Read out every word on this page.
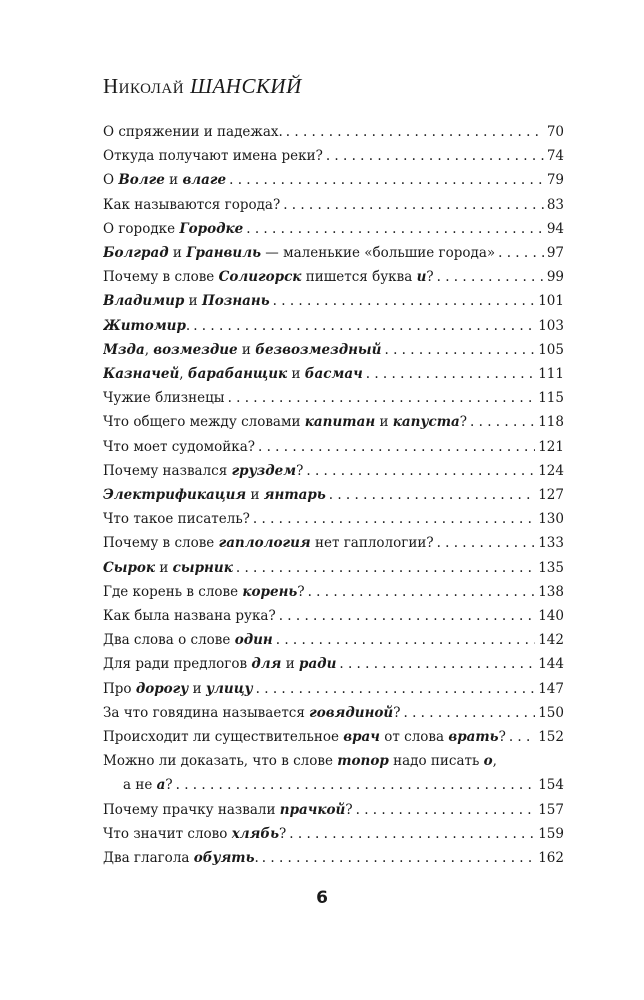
Николай ШАНСКИЙ
О спряжении и падежах. . . .	70
Откуда получают имена реки? . . .	74
О Волге и влаге . . .	79
Как называются города? . . .	83
О городке Городке . . .	94
Болград и Гранвиль — маленькие «большие города» . . .	97
Почему в слове Солигорск пишется буква и? . . .	99
Владимир и Познань . . .	101
Житомир. . . .	103
Мзда, возмездие и безвозмездный . . .	105
Казначей, барабанщик и басмач . . .	111
Чужие близнецы . . .	115
Что общего между словами капитан и капуста? . . .	118
Что моет судомойка? . . .	121
Почему назвался груздем? . . .	124
Электрификация и янтарь . . .	127
Что такое писатель? . . .	130
Почему в слове гаплология нет гаплологии? . . .	133
Сырок и сырник . . .	135
Где корень в слове корень? . . .	138
Как была названа рука? . . .	140
Два слова о слове один . . .	142
Для ради предлогов для и ради . . .	144
Про дорогу и улицу . . .	147
За что говядина называется говядиной? . . .	150
Происходит ли существительное врач от слова врать? . . . 152
Можно ли доказать, что в слове топор надо писать о,
а не а? . . .	154
Почему прачку назвали прачкой? . . .	157
Что значит слово хлябь? . . .	159
Два глагола обуять. . . .	162
6
